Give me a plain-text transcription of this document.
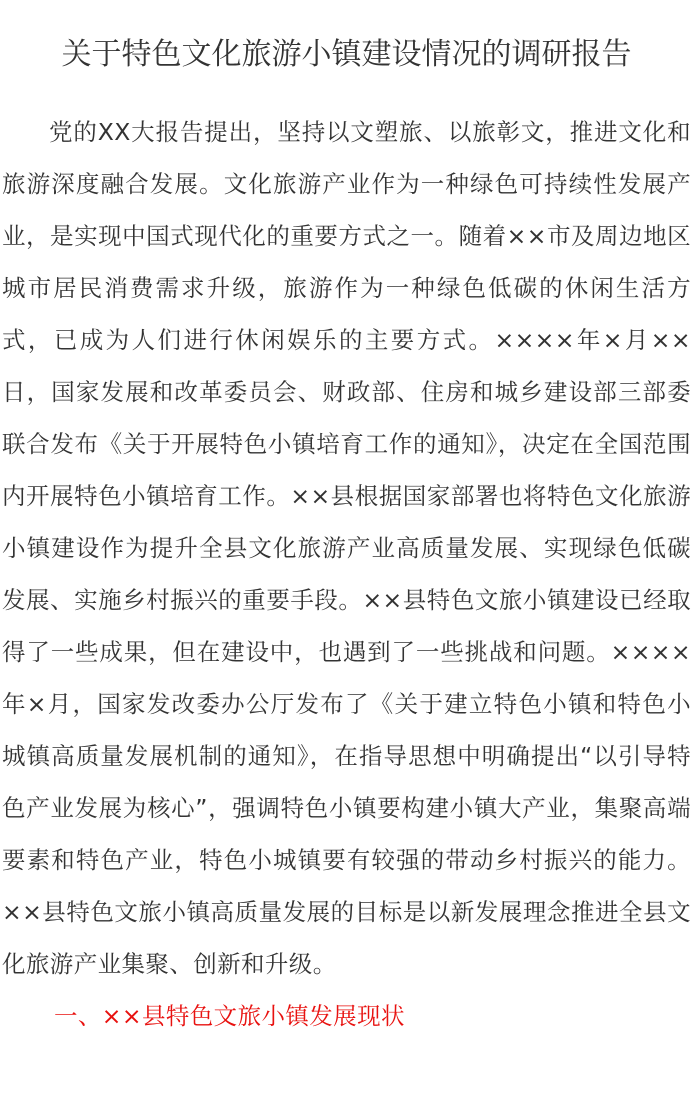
关于特色文化旅游小镇建设情况的调研报告

党的XX大报告提出，坚持以文塑旅、以旅彰文，推进文化和旅游深度融合发展。文化旅游产业作为一种绿色可持续性发展产业，是实现中国式现代化的重要方式之一。随着××市及周边地区城市居民消费需求升级，旅游作为一种绿色低碳的休闲生活方式，已成为人们进行休闲娱乐的主要方式。××××年×月××日，国家发展和改革委员会、财政部、住房和城乡建设部三部委联合发布《关于开展特色小镇培育工作的通知》，决定在全国范围内开展特色小镇培育工作。××县根据国家部署也将特色文化旅游小镇建设作为提升全县文化旅游产业高质量发展、实现绿色低碳发展、实施乡村振兴的重要手段。××县特色文旅小镇建设已经取得了一些成果，但在建设中，也遇到了一些挑战和问题。××××年×月，国家发改委办公厅发布了《关于建立特色小镇和特色小城镇高质量发展机制的通知》，在指导思想中明确提出“以引导特色产业发展为核心”，强调特色小镇要构建小镇大产业，集聚高端要素和特色产业，特色小城镇要有较强的带动乡村振兴的能力。××县特色文旅小镇高质量发展的目标是以新发展理念推进全县文化旅游产业集聚、创新和升级。

一、××县特色文旅小镇发展现状
